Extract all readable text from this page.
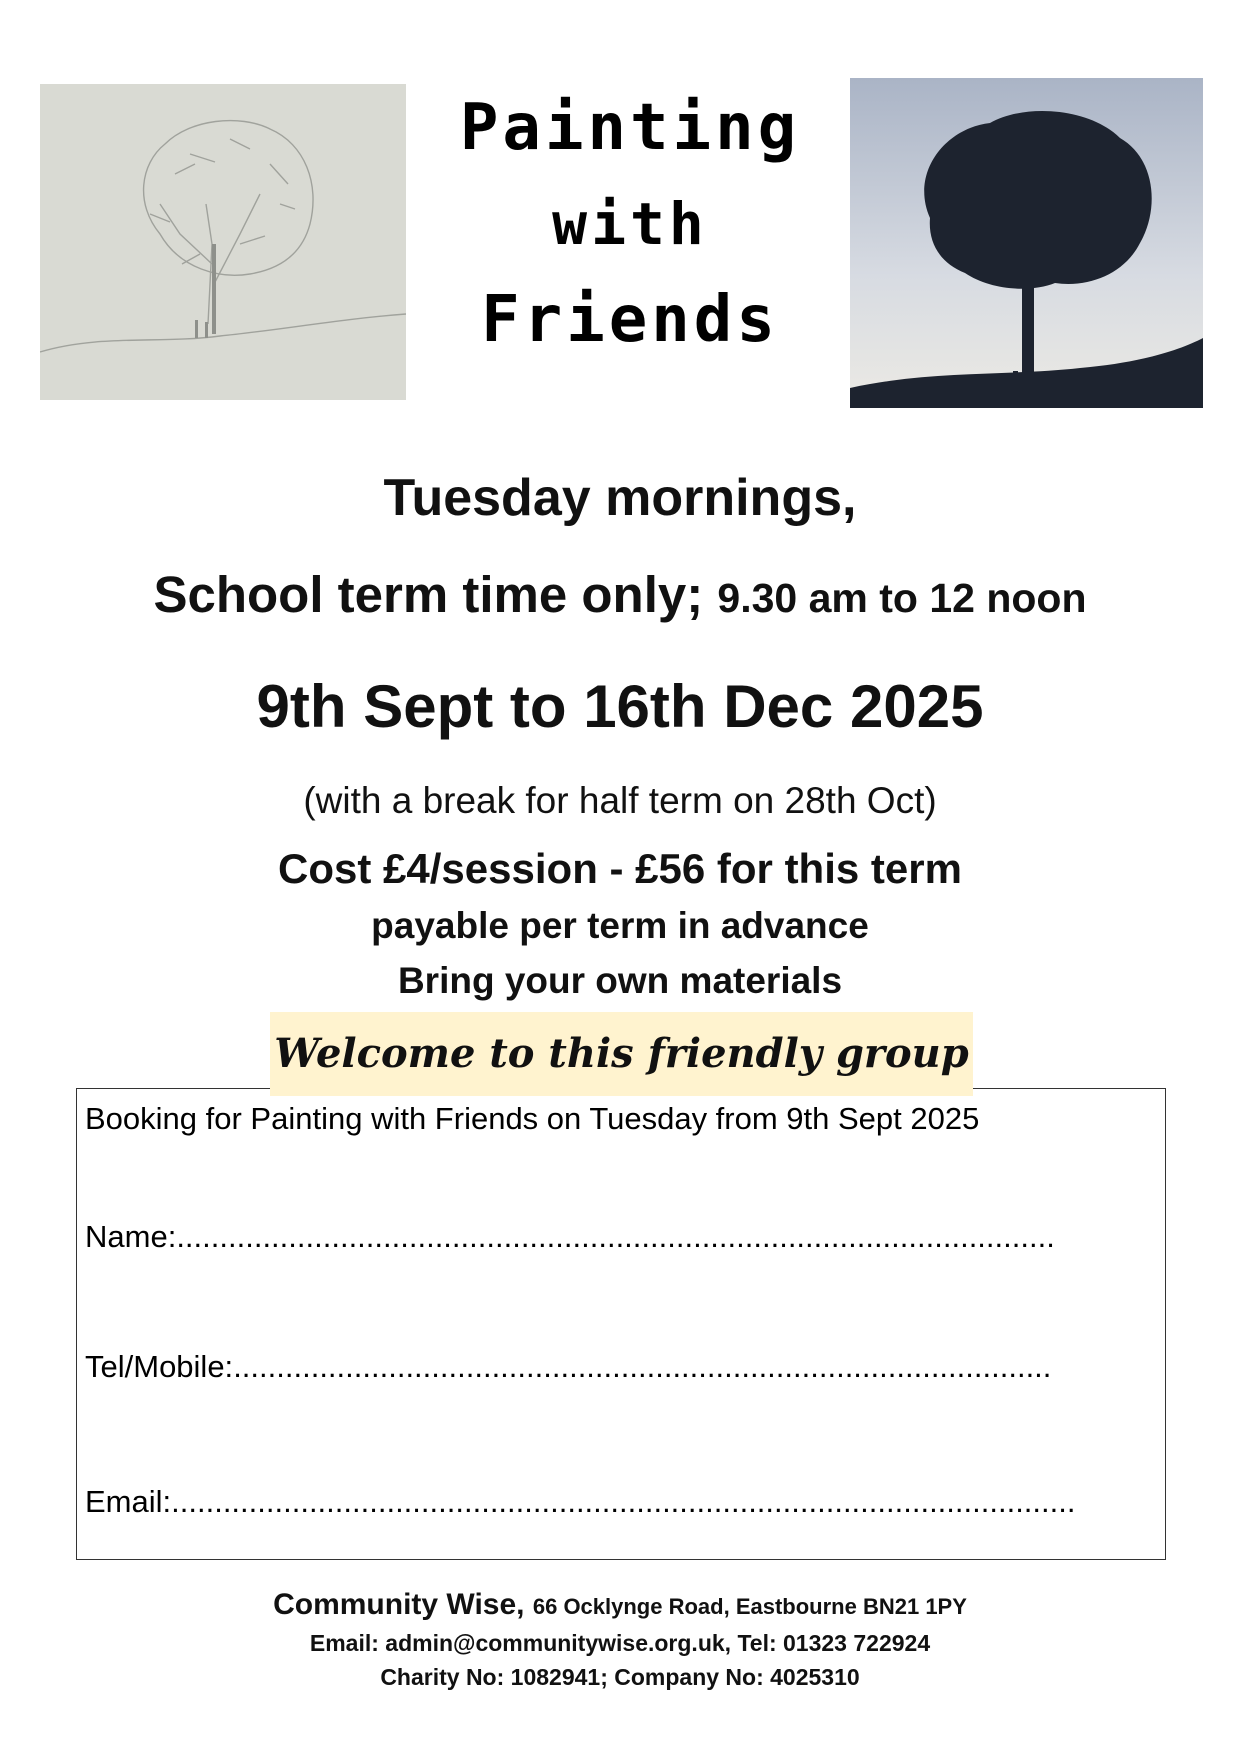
Painting
with
Friends
Tuesday mornings,
School term time only; 9.30 am to 12 noon
9th Sept to 16th Dec 2025
(with a break for half term on 28th Oct)
Cost £4/session - £56 for this term
payable per term in advance
Bring your own materials
Booking for Painting with Friends on Tuesday from 9th Sept 2025
Name:......................................................................................................
Tel/Mobile:...............................................................................................
Email:.........................................................................................................
Welcome to this friendly group
Community Wise, 66 Ocklynge Road, Eastbourne BN21 1PY
Email: admin@communitywise.org.uk, Tel: 01323 722924
Charity No: 1082941; Company No: 4025310
